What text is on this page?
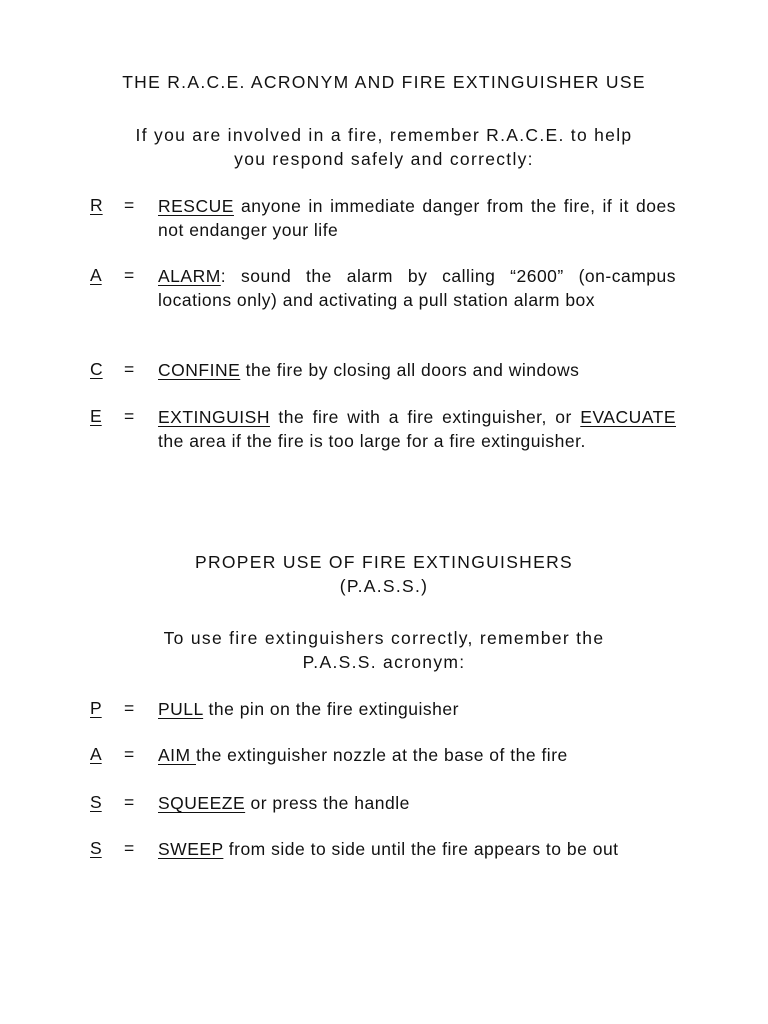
THE R.A.C.E. ACRONYM AND FIRE EXTINGUISHER USE
If you are involved in a fire, remember R.A.C.E. to help
you respond safely and correctly:
R = RESCUE anyone in immediate danger from the fire, if it does not endanger your life
A = ALARM: sound the alarm by calling “2600” (on-campus locations only) and activating a pull station alarm box
C = CONFINE the fire by closing all doors and windows
E = EXTINGUISH the fire with a fire extinguisher, or EVACUATE the area if the fire is too large for a fire extinguisher.
PROPER USE OF FIRE EXTINGUISHERS
(P.A.S.S.)
To use fire extinguishers correctly, remember the
P.A.S.S. acronym:
P = PULL the pin on the fire extinguisher
A = AIM the extinguisher nozzle at the base of the fire
S = SQUEEZE or press the handle
S = SWEEP from side to side until the fire appears to be out
